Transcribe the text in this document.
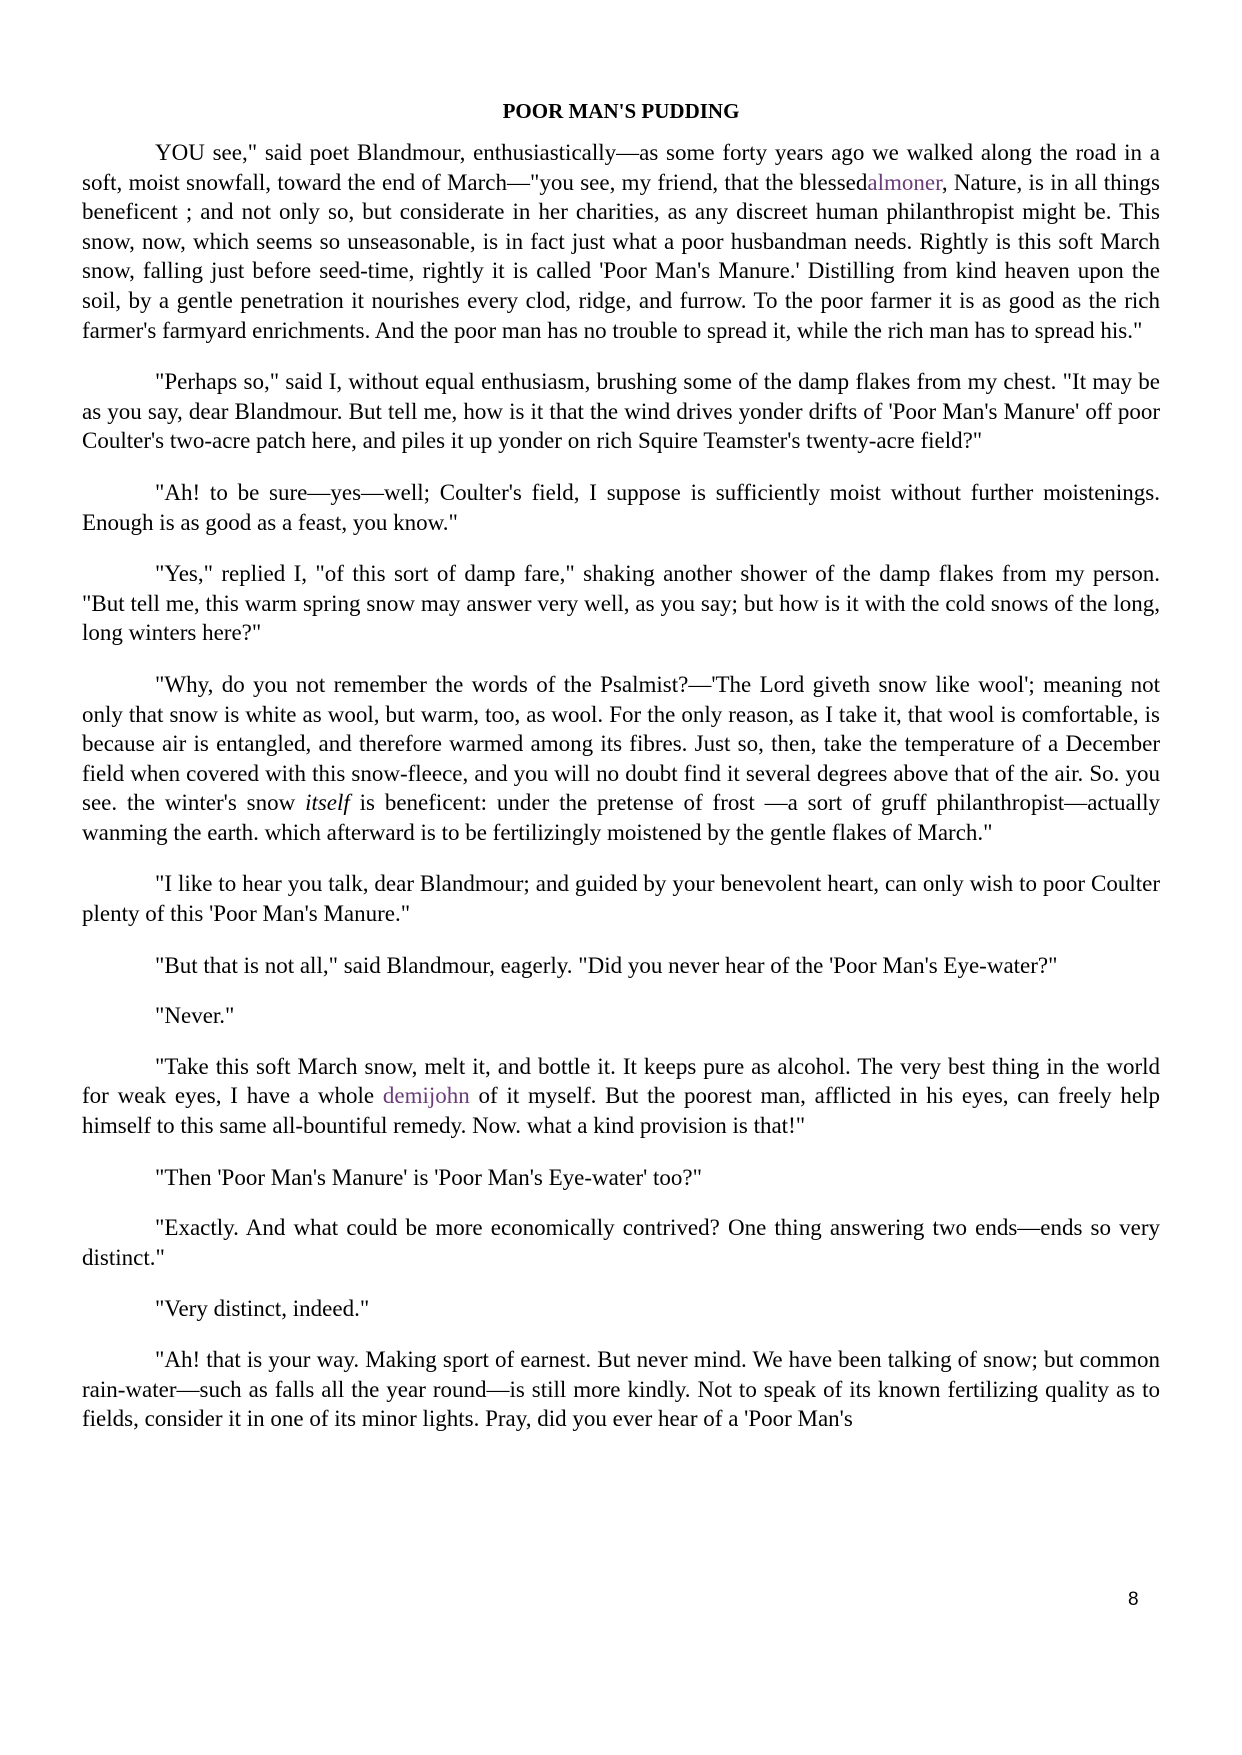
POOR MAN'S PUDDING

YOU see," said poet Blandmour, enthusiastically—as some forty years ago we walked along the road in a soft, moist snowfall, toward the end of March—"you see, my friend, that the blessedalmoner, Nature, is in all things beneficent ; and not only so, but considerate in her charities, as any discreet human philanthropist might be. This snow, now, which seems so unseasonable, is in fact just what a poor husbandman needs. Rightly is this soft March snow, falling just before seed-time, rightly it is called 'Poor Man's Manure.' Distilling from kind heaven upon the soil, by a gentle penetration it nourishes every clod, ridge, and furrow. To the poor farmer it is as good as the rich farmer's farmyard enrichments. And the poor man has no trouble to spread it, while the rich man has to spread his."

"Perhaps so," said I, without equal enthusiasm, brushing some of the damp flakes from my chest. "It may be as you say, dear Blandmour. But tell me, how is it that the wind drives yonder drifts of 'Poor Man's Manure' off poor Coulter's two-acre patch here, and piles it up yonder on rich Squire Teamster's twenty-acre field?"

"Ah! to be sure—yes—well; Coulter's field, I suppose is sufficiently moist without further moistenings. Enough is as good as a feast, you know."

"Yes," replied I, "of this sort of damp fare," shaking another shower of the damp flakes from my person. "But tell me, this warm spring snow may answer very well, as you say; but how is it with the cold snows of the long, long winters here?"

"Why, do you not remember the words of the Psalmist?—'The Lord giveth snow like wool'; meaning not only that snow is white as wool, but warm, too, as wool. For the only reason, as I take it, that wool is comfortable, is because air is entangled, and therefore warmed among its fibres. Just so, then, take the temperature of a December field when covered with this snow-fleece, and you will no doubt find it several degrees above that of the air. So. you see. the winter's snow itself is beneficent: under the pretense of frost —a sort of gruff philanthropist—actually wanming the earth. which afterward is to be fertilizingly moistened by the gentle flakes of March."

"I like to hear you talk, dear Blandmour; and guided by your benevolent heart, can only wish to poor Coulter plenty of this 'Poor Man's Manure."

"But that is not all," said Blandmour, eagerly. "Did you never hear of the 'Poor Man's Eye-water?"

"Never."

"Take this soft March snow, melt it, and bottle it. It keeps pure as alcohol. The very best thing in the world for weak eyes, I have a whole demijohn of it myself. But the poorest man, afflicted in his eyes, can freely help himself to this same all-bountiful remedy. Now. what a kind provision is that!"

"Then 'Poor Man's Manure' is 'Poor Man's Eye-water' too?"

"Exactly. And what could be more economically contrived? One thing answering two ends—ends so very distinct."

"Very distinct, indeed."

"Ah! that is your way. Making sport of earnest. But never mind. We have been talking of snow; but common rain-water—such as falls all the year round—is still more kindly. Not to speak of its known fertilizing quality as to fields, consider it in one of its minor lights. Pray, did you ever hear of a 'Poor Man's

8
